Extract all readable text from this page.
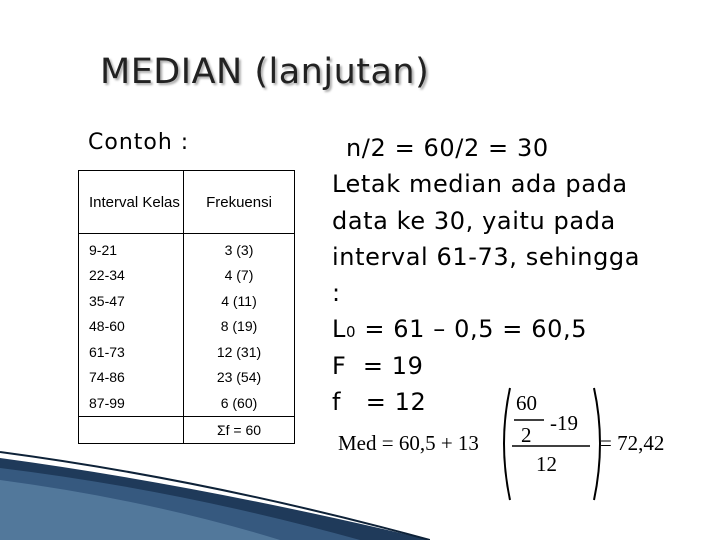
MEDIAN (lanjutan)
Contoh :
Interval Kelas	Frekuensi
9-21	3 (3)
22-34	4 (7)
35-47	4 (11)
48-60	8 (19)
61-73	12 (31)
74-86	23 (54)
87-99	6 (60)
	Σf = 60
n/2 = 60/2 = 30
Letak median ada pada
data ke 30, yaitu pada
interval 61-73, sehingga
:
L0 = 61 – 0,5 = 60,5
F  = 19
f   = 12
Med = 60,5 + 13
60
2 -19
12
= 72,42
